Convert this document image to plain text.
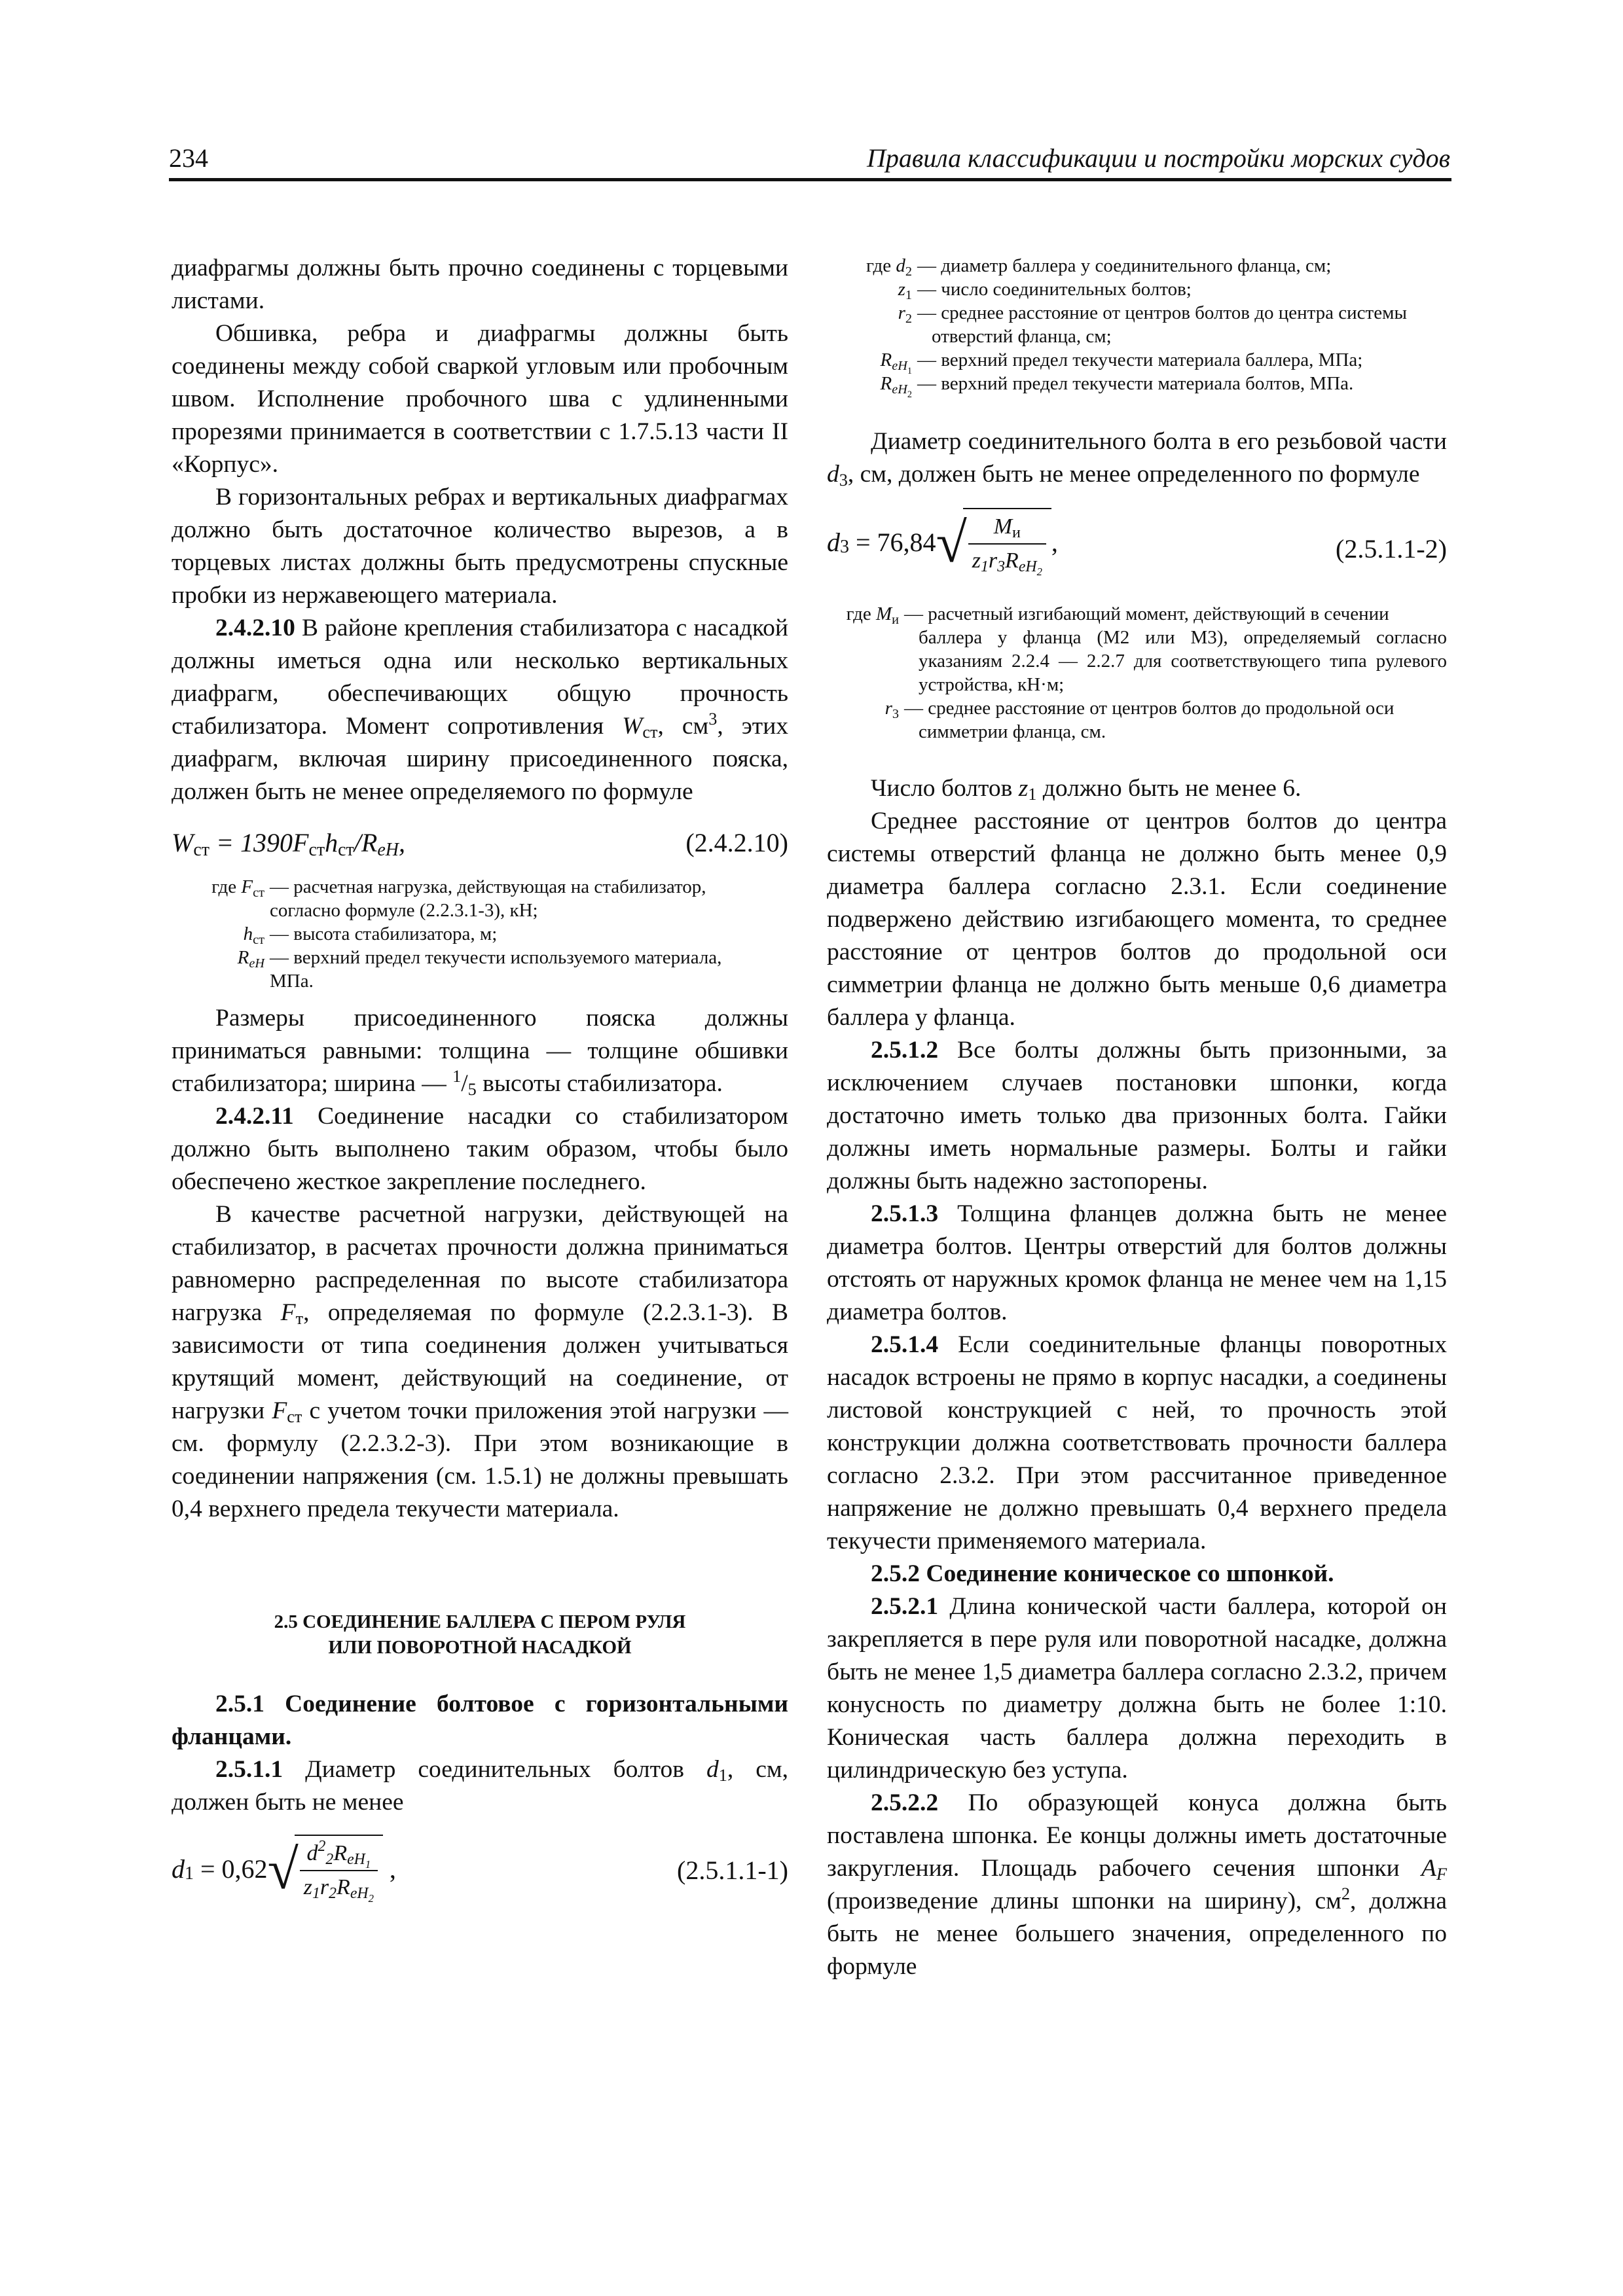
234	Правила классификации и постройки морских судов

диафрагмы должны быть прочно соединены с торцевыми листами.

Обшивка, ребра и диафрагмы должны быть соединены между собой сваркой угловым или пробочным швом. Исполнение пробочного шва с удлиненными прорезями принимается в соответствии с 1.7.5.13 части II «Корпус».

В горизонтальных ребрах и вертикальных диафрагмах должно быть достаточное количество вырезов, а в торцевых листах должны быть предусмотрены спускные пробки из нержавеющего материала.

2.4.2.10 В районе крепления стабилизатора с насадкой должны иметься одна или несколько вертикальных диафрагм, обеспечивающих общую прочность стабилизатора. Момент сопротивления $W_{ст}$, $см^3$, этих диафрагм, включая ширину присоединенного пояска, должен быть не менее определяемого по формуле

$W_{ст} = 1390F_{ст}h_{ст}/R_{eH}$,	(2.4.2.10)
где $F_{ст}$ — расчетная нагрузка, действующая на стабилизатор,
согласно формуле (2.2.3.1-3), кН;
$h_{ст}$ — высота стабилизатора, м;
$R_{eH}$ — верхний предел текучести используемого материала,
МПа.

Размеры присоединенного пояска должны приниматься равными: толщина — толщине обшивки стабилизатора; ширина — $^1/_5$ высоты стабилизатора.

2.4.2.11 Соединение насадки со стабилизатором должно быть выполнено таким образом, чтобы было обеспечено жесткое закрепление последнего.

В качестве расчетной нагрузки, действующей на стабилизатор, в расчетах прочности должна приниматься равномерно распределенная по высоте стабилизатора нагрузка $F_т$, определяемая по формуле (2.2.3.1-3). В зависимости от типа соединения должен учитываться крутящий момент, действующий на соединение, от нагрузки $F_{ст}$ с учетом точки приложения этой нагрузки — см. формулу (2.2.3.2-3). При этом возникающие в соединении напряжения (см. 1.5.1) не должны превышать 0,4 верхнего предела текучести материала.

2.5 СОЕДИНЕНИЕ БАЛЛЕРА С ПЕРОМ РУЛЯ

ИЛИ ПОВОРОТНОЙ НАСАДКОЙ

2.5.1 Соединение болтовое с горизонтальными фланцами.

2.5.1.1 Диаметр соединительных болтов $d_1$, см, должен быть не менее

$d_1 = 0,62√ \frac{d^2_2R_{eH_1}}{z_1r_2R_{eH_2}}$ ,	(2.5.1.1-1)
где $d_2$ — диаметр баллера у соединительного фланца, см;
$z_1$ — число соединительных болтов;
$r_2$ — среднее расстояние от центров болтов до центра системы
отверстий фланца, см;
$R_{eH_1}$
— верхний предел текучести материала баллера, МПа;
$R_{eH_2}$
— верхний предел текучести материала болтов, МПа.

Диаметр соединительного болта в его резьбовой части $d_3$, см, должен быть не менее определенного по формуле

$d_3 = 76,84√ \frac{M_и}{z_1r_3R_{eH_2}}$ ,	(2.5.1.1-2)
где $M_и$ — расчетный изгибающий момент, действующий в сечении
баллера у фланца (M2 или M3), определяемый согласно указаниям 2.2.4 — 2.2.7 для соответствующего типа рулевого устройства, кН·м;
$r_3$ — среднее расстояние от центров болтов до продольной оси
симметрии фланца, см.

Число болтов $z_1$ должно быть не менее 6.

Среднее расстояние от центров болтов до центра системы отверстий фланца не должно быть менее 0,9 диаметра баллера согласно 2.3.1. Если соединение подвержено действию изгибающего момента, то среднее расстояние от центров болтов до продольной оси симметрии фланца не должно быть меньше 0,6 диаметра баллера у фланца.

2.5.1.2 Все болты должны быть призонными, за исключением случаев постановки шпонки, когда достаточно иметь только два призонных болта. Гайки должны иметь нормальные размеры. Болты и гайки должны быть надежно застопорены.

2.5.1.3 Толщина фланцев должна быть не менее диаметра болтов. Центры отверстий для болтов должны отстоять от наружных кромок фланца не менее чем на 1,15 диаметра болтов.

2.5.1.4 Если соединительные фланцы поворотных насадок встроены не прямо в корпус насадки, а соединены листовой конструкцией с ней, то прочность этой конструкции должна соответствовать прочности баллера согласно 2.3.2. При этом рассчитанное приведенное напряжение не должно превышать 0,4 верхнего предела текучести применяемого материала.

2.5.2 Соединение коническое со шпонкой.

2.5.2.1 Длина конической части баллера, которой он закрепляется в пере руля или поворотной насадке, должна быть не менее 1,5 диаметра баллера согласно 2.3.2, причем конусность по диаметру должна быть не более 1:10. Коническая часть баллера должна переходить в цилиндрическую без уступа.

2.5.2.2 По образующей конуса должна быть поставлена шпонка. Ее концы должны иметь достаточные закругления. Площадь рабочего сечения шпонки $A_F$ (произведение длины шпонки на ширину), $см^2$, должна быть не менее большего значения, определенного по формуле
